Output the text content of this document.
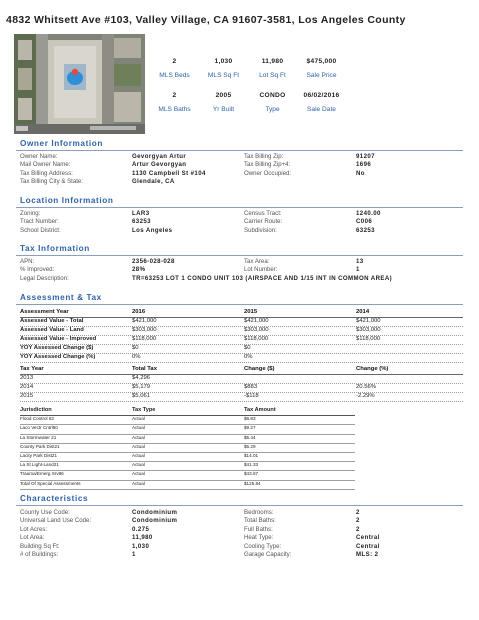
4832 Whitsett Ave #103, Valley Village, CA 91607-3581, Los Angeles County
2	1,030	11,980	$475,000
MLS Beds	MLS Sq Ft	Lot Sq Ft	Sale Price
2	2005	CONDO	06/02/2016
MLS Baths	Yr Built	Type	Sale Date
Owner Information
Owner Name:	Gevorgyan Artur	Tax Billing Zip:	91207
Mail Owner Name:	Artur Gevorgyan	Tax Billing Zip+4:	1696
Tax Billing Address:	1130 Campbell St #104	Owner Occupied:	No
Tax Billing City & State:	Glendale, CA
Location Information
Zoning:	LAR3	Census Tract:	1240.00
Tract Number:	63253	Carrier Route:	C006
School District:	Los Angeles	Subdivision:	63253
Tax Information
APN:	2356-028-028	Tax Area:	13
% Improved:	28%	Lot Number:	1
Legal Description:	TR=63253 LOT 1 CONDO UNIT 103 (AIRSPACE AND 1/15 INT IN COMMON AREA)
Assessment & Tax
Assessment Year	2016	2015	2014
Assessed Value - Total	$421,000	$421,000	$421,000
Assessed Value - Land	$303,000	$303,000	$303,000
Assessed Value - Improved	$118,000	$118,000	$118,000
YOY Assessed Change ($)	$0	$0
YOY Assessed Change (%)	0%	0%
Tax Year	Total Tax	Change ($)	Change (%)
2013	$4,296
2014	$5,179	$883	20.56%
2015	$5,061	-$118	-2.29%
Jurisdiction	Tax Type	Tax Amount
Flood Control 62	Actual	$6.83
Laco Vectr Cntrl80	Actual	$9.27
La Stormwater 21	Actual	$5.44
County Park Dist21	Actual	$5.29
Lacity Park Dist21	Actual	$14.01
La St Light-Land21	Actual	$41.33
Trauma/Emerg Srv86	Actual	$43.67
Total Of Special Assessments	Actual	$125.84
Characteristics
County Use Code:	Condominium	Bedrooms:	2
Universal Land Use Code:	Condominium	Total Baths:	2
Lot Acres:	0.275	Full Baths:	2
Lot Area:	11,980	Heat Type:	Central
Building Sq Ft:	1,030	Cooling Type:	Central
# of Buildings:	1	Garage Capacity:	MLS: 2
